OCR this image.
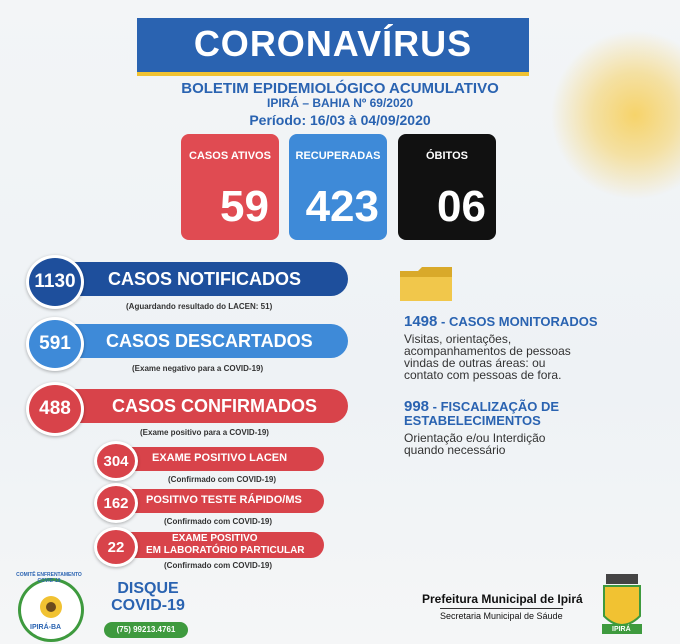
CORONAVÍRUS
BOLETIM EPIDEMIOLÓGICO ACUMULATIVO
IPIRÁ – BAHIA Nº 69/2020
Período: 16/03 à 04/09/2020
CASOS ATIVOS
59
RECUPERADAS
423
ÓBITOS
06
1130	CASOS NOTIFICADOS
(Aguardando resultado do LACEN: 51)
591	CASOS DESCARTADOS
(Exame negativo para a COVID-19)
488	CASOS CONFIRMADOS
(Exame positivo para a COVID-19)
304	EXAME POSITIVO LACEN
(Confirmado com COVID-19)
162	POSITIVO TESTE RÁPIDO/MS
(Confirmado com COVID-19)
22	EXAME POSITIVO
EM LABORATÓRIO PARTICULAR
(Confirmado com COVID-19)
1498 - CASOS MONITORADOS
Visitas, orientações,
acompanhamentos de pessoas
vindas de outras áreas: ou
contato com pessoas de fora.
998 - FISCALIZAÇÃO DE
ESTABELECIMENTOS
Orientação e/ou Interdição
quando necessário
COMITÊ ENFRENTAMENTO COVID-19
IPIRÁ-BA
DISQUE
COVID-19
(75) 99213.4761
Prefeitura Municipal de Ipirá
Secretaria Municipal de Sáude
IPIRÁ
